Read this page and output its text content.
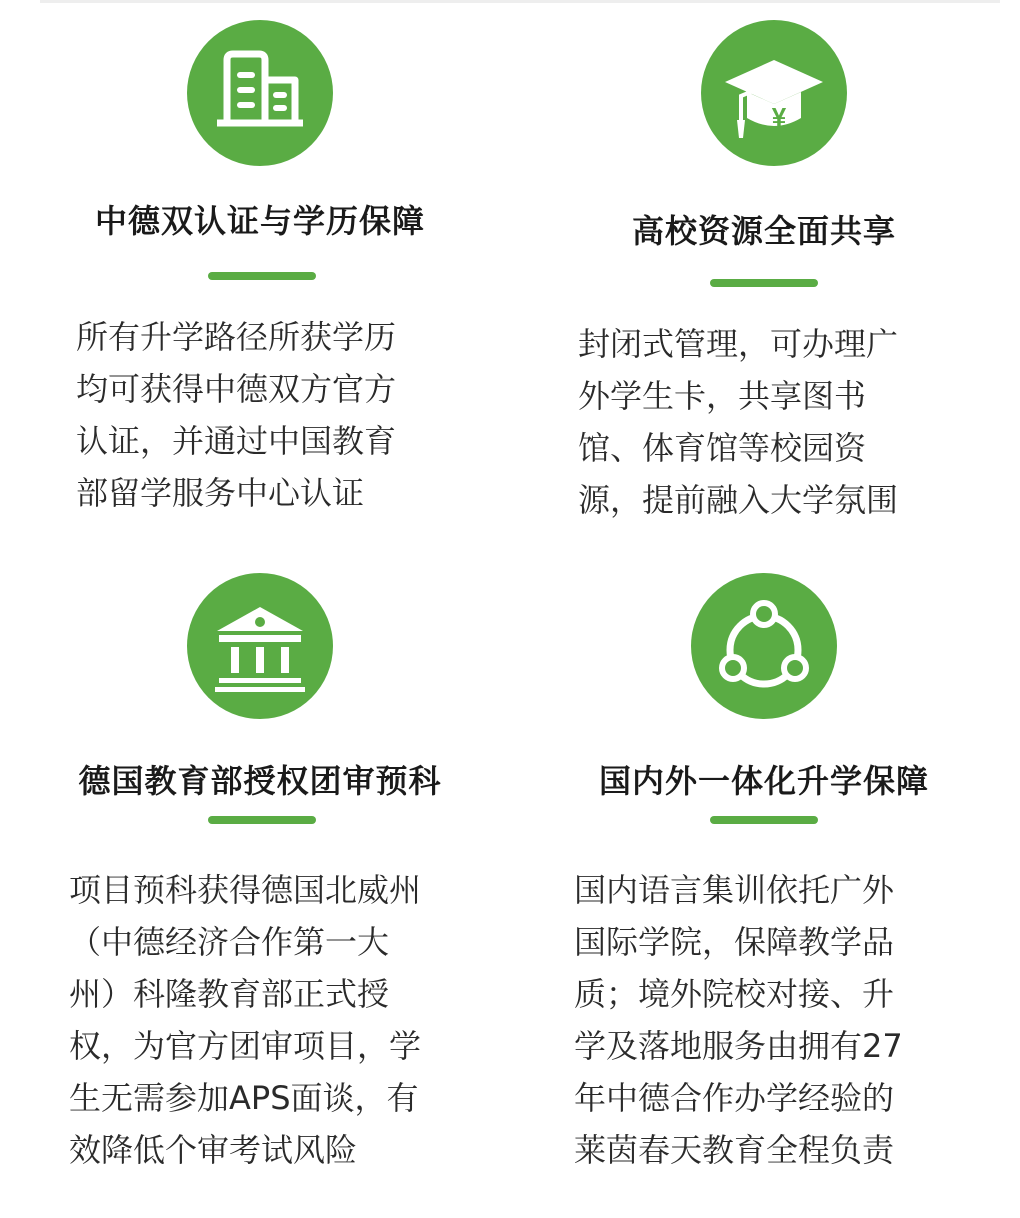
中德双认证与学历保障
所有升学路径所获学历
均可获得中德双方官方
认证，并通过中国教育
部留学服务中心认证
¥
高校资源全面共享
封闭式管理，可办理广
外学生卡，共享图书
馆、体育馆等校园资
源，提前融入大学氛围
德国教育部授权团审预科
项目预科获得德国北威州
（中德经济合作第一大
州）科隆教育部正式授
权，为官方团审项目，学
生无需参加APS面谈，有
效降低个审考试风险
国内外一体化升学保障
国内语言集训依托广外
国际学院，保障教学品
质；境外院校对接、升
学及落地服务由拥有27
年中德合作办学经验的
莱茵春天教育全程负责
